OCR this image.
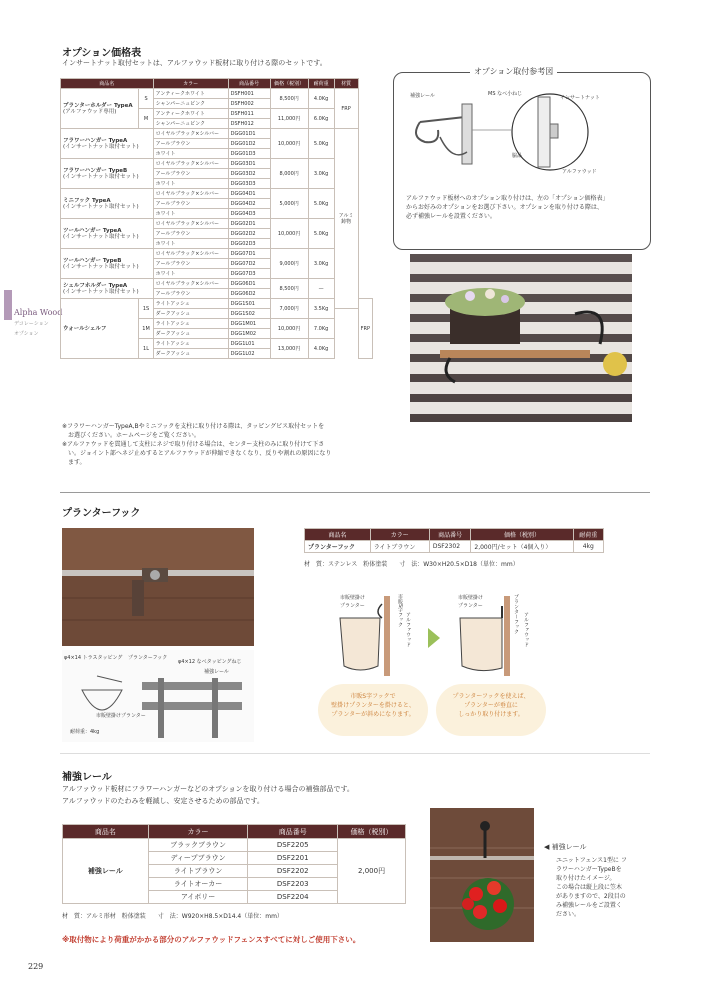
Alpha Wood
デコレーション
オプション
オプション価格表
インサートナット取付セットは、アルファウッド板材に取り付ける際のセットです。
商品名		カラー	商品番号	価格（税別）	耐荷重	材質	
プランターホルダー TypeA
(アルファウッド専用)	S	アンティークホワイト	DSFH001	8,500円	4.0Kg	FRP	
		シャンパーニュピンク	DSFH002				
	M	アンティークホワイト	DSFH011	11,000円	6.0Kg		
		シャンパーニュピンク	DSFH012				
フラワーハンガー TypeA
(インサートナット取付セット)		ロイヤルブラック×シルバー	DGG01D1	10,000円	5.0Kg	アルミ鋳物	
		アールブラウン	DGG01D2				
		ホワイト	DGG01D3				
フラワーハンガー TypeB
(インサートナット取付セット)		ロイヤルブラック×シルバー	DGG03D1	8,000円	3.0Kg		
		アールブラウン	DGG03D2				
		ホワイト	DGG03D3				
ミニフック TypeA
(インサートナット取付セット)		ロイヤルブラック×シルバー	DGG04D1	5,000円	5.0Kg		
		アールブラウン	DGG04D2				
		ホワイト	DGG04D3				
ツールハンガー TypeA
(インサートナット取付セット)		ロイヤルブラック×シルバー	DGG02D1	10,000円	5.0Kg		
		アールブラウン	DGG02D2				
		ホワイト	DGG02D3				
ツールハンガー TypeB
(インサートナット取付セット)		ロイヤルブラック×シルバー	DGG07D1	9,000円	3.0Kg		
		アールブラウン	DGG07D2				
		ホワイト	DGG07D3				
シェルフホルダー TypeA
(インサートナット取付セット)		ロイヤルブラック×シルバー	DGG06D1	8,500円	—		
		アールブラウン	DGG06D2				
ウォールシェルフ	1S	ライトアッシュ	DGG1S01	7,000円	3.5Kg		FRP
		ダークアッシュ	DGG1S02				
	1M	ライトアッシュ	DGG1M01	10,000円	7.0Kg		
		ダークアッシュ	DGG1M02				
	1L	ライトアッシュ	DGG1L01	13,000円	4.0Kg		
		ダークアッシュ	DGG1L02				
※フラワーハンガーTypeA,Bやミニフックを支柱に取り付ける際は、タッピングビス取付セットを
　お選びください。ホームページをご覧ください。
※アルファウッドを貫通して支柱にネジで取り付ける場合は、センター支柱のみに取り付けて下さ
　い。ジョイント部へネジ止めするとアルファウッドが伸縮できなくなり、反りや割れの原因になり
　ます。
オプション取付参考図
補強レール	MS なべ小ねじ
インサートナット
脇品
アルファウッド
アルファウッド板材へのオプション取り付けは、左の「オプション価格表」
からお好みのオプションをお選び下さい。オプションを取り付ける際は、
必ず補強レールを設置ください。
プランターフック
φ4×14 トラスタッピング プランターフック
φ4×12 なべタッピングねじ
補強レール
市販壁掛けプランター
耐荷重：4kg
商品名	カラー	商品番号	価格（税別）	耐荷重
プランターフック	ライトブラウン	DSF2302	2,000円/セット（4個入り）	4kg
材　質：ステンレス　粉体塗装　　寸　法：W30×H20.5×D18（単位：mm）
市販壁掛け
プランター	市販S字フック
アルファウッド
市販壁掛け
プランター	プランターフック アルファウッド
市販S字フックで
壁掛けプランターを掛けると、
プランターが斜めになります。
プランターフックを使えば、
プランターが垂直に
しっかり取り付けます。
補強レール
アルファウッド板材にフラワーハンガーなどのオプションを取り付ける場合の補強部品です。
アルファウッドのたわみを軽減し、安定させるための部品です。
商品名	カラー	商品番号	価格（税別）
補強レール	ブラックブラウン	DSF2205	2,000円
	ディープブラウン	DSF2201	
	ライトブラウン	DSF2202	
	ライトオーカー	DSF2203	
	アイボリー	DSF2204	
材　質：アルミ形材　粉体塗装　　寸　法：W920×H8.5×D14.4（単位：mm）
※取付物により荷重がかかる部分のアルファウッドフェンスすべてに対しご使用下さい。
◀ 補強レール
ユニットフェンス1型に フ
ラワーハンガーTypeBを
取り付けたイメージ。
この場合は縦上段に笠木
がありますので、2段目の
み補強レールをご設置く
ださい。
229
